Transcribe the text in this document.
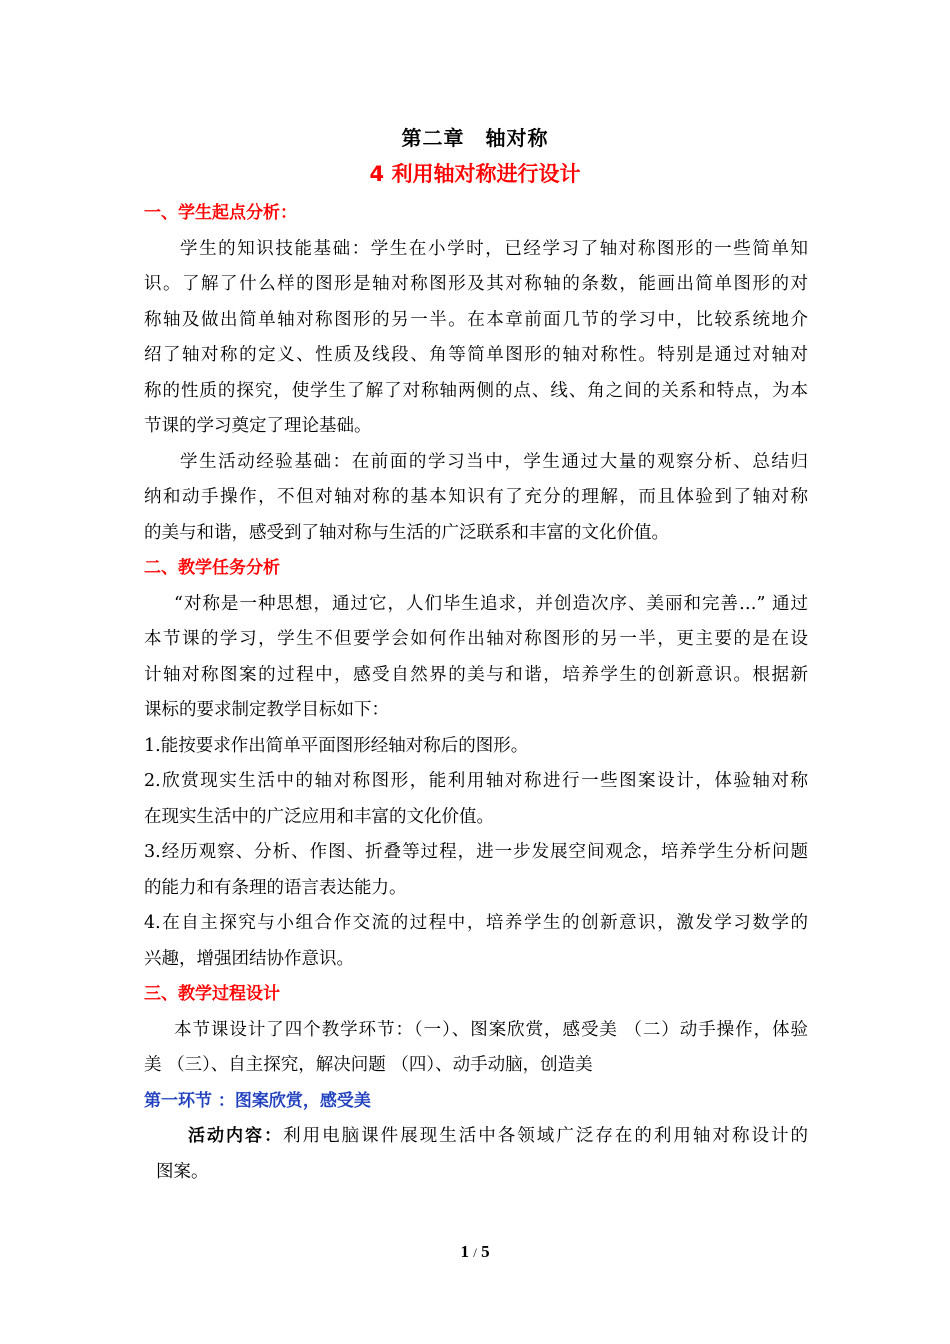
第二章　轴对称
4 利用轴对称进行设计
一、学生起点分析：
学生的知识技能基础：学生在小学时，已经学习了轴对称图形的一些简单知
识。了解了什么样的图形是轴对称图形及其对称轴的条数，能画出简单图形的对
称轴及做出简单轴对称图形的另一半。在本章前面几节的学习中，比较系统地介
绍了轴对称的定义、性质及线段、角等简单图形的轴对称性。特别是通过对轴对
称的性质的探究，使学生了解了对称轴两侧的点、线、角之间的关系和特点，为本
节课的学习奠定了理论基础。
学生活动经验基础：在前面的学习当中，学生通过大量的观察分析、总结归
纳和动手操作，不但对轴对称的基本知识有了充分的理解，而且体验到了轴对称
的美与和谐，感受到了轴对称与生活的广泛联系和丰富的文化价值。
二、教学任务分析
“对称是一种思想，通过它，人们毕生追求，并创造次序、美丽和完善…” 通过
本节课的学习，学生不但要学会如何作出轴对称图形的另一半，更主要的是在设
计轴对称图案的过程中，感受自然界的美与和谐，培养学生的创新意识。根据新
课标的要求制定教学目标如下：
1.能按要求作出简单平面图形经轴对称后的图形。
2.欣赏现实生活中的轴对称图形，能利用轴对称进行一些图案设计，体验轴对称
在现实生活中的广泛应用和丰富的文化价值。
3.经历观察、分析、作图、折叠等过程，进一步发展空间观念，培养学生分析问题
的能力和有条理的语言表达能力。
4.在自主探究与小组合作交流的过程中，培养学生的创新意识，激发学习数学的
兴趣，增强团结协作意识。
三、教学过程设计
本节课设计了四个教学环节：（一）、图案欣赏，感受美 （二）动手操作，体验
美 （三）、自主探究，解决问题 （四）、动手动脑，创造美
第一环节 ：图案欣赏，感受美
活动内容：利用电脑课件展现生活中各领域广泛存在的利用轴对称设计的
图案。
1 / 5
